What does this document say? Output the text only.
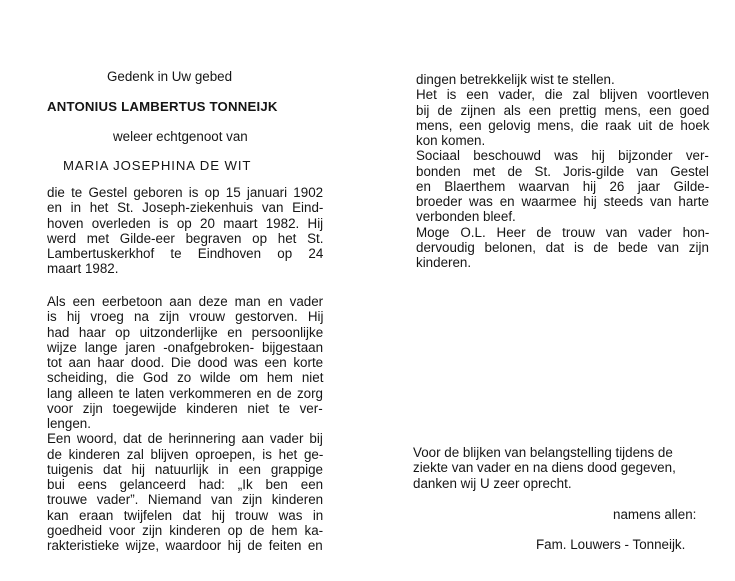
Gedenk in Uw gebed
ANTONIUS LAMBERTUS TONNEIJK
weleer echtgenoot van
MARIA JOSEPHINA DE WIT
die te Gestel geboren is op 15 januari 1902
en in het St. Joseph-ziekenhuis van Eind-
hoven overleden is op 20 maart 1982. Hij
werd met Gilde-eer begraven op het St.
Lambertuskerkhof te Eindhoven op 24
maart 1982.
Als een eerbetoon aan deze man en vader
is hij vroeg na zijn vrouw gestorven. Hij
had haar op uitzonderlijke en persoonlijke
wijze lange jaren -onafgebroken- bijgestaan
tot aan haar dood. Die dood was een korte
scheiding, die God zo wilde om hem niet
lang alleen te laten verkommeren en de zorg
voor zijn toegewijde kinderen niet te ver-
lengen.
Een woord, dat de herinnering aan vader bij
de kinderen zal blijven oproepen, is het ge-
tuigenis dat hij natuurlijk in een grappige
bui eens gelanceerd had: „Ik ben een
trouwe vader”. Niemand van zijn kinderen
kan eraan twijfelen dat hij trouw was in
goedheid voor zijn kinderen op de hem ka-
rakteristieke wijze, waardoor hij de feiten en
dingen betrekkelijk wist te stellen.
Het is een vader, die zal blijven voortleven
bij de zijnen als een prettig mens, een goed
mens, een gelovig mens, die raak uit de hoek
kon komen.
Sociaal beschouwd was hij bijzonder ver-
bonden met de St. Joris-gilde van Gestel
en Blaerthem waarvan hij 26 jaar Gilde-
broeder was en waarmee hij steeds van harte
verbonden bleef.
Moge O.L. Heer de trouw van vader hon-
dervoudig belonen, dat is de bede van zijn
kinderen.
Voor de blijken van belangstelling tijdens de
ziekte van vader en na diens dood gegeven,
danken wij U zeer oprecht.
namens allen:
Fam. Louwers - Tonneijk.
